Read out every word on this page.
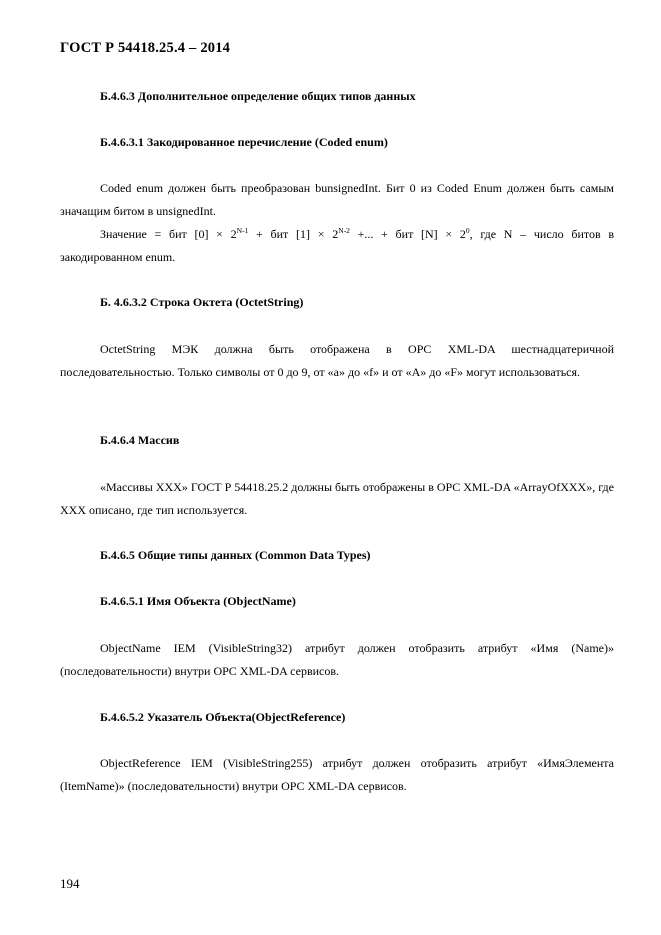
ГОСТ Р 54418.25.4 – 2014
Б.4.6.3 Дополнительное определение общих типов данных
Б.4.6.3.1 Закодированное перечисление (Coded enum)
Coded enum должен быть преобразован bunsignedInt. Бит 0 из Coded Enum должен быть самым значащим битом в unsignedInt.
Значение = бит $[0] \times 2^{N-1}$ + бит $[1] \times 2^{N-2}$ +... + бит $[N] \times 2^0$, где N – число битов в
закодированном enum.
Б. 4.6.3.2 Строка Октета (OctetString)
OctetString МЭК должна быть отображена в OPC XML-DA шестнадцатеричной последовательностью. Только символы от 0 до 9, от «a» до «f» и от «A» до «F» могут использоваться.
Б.4.6.4 Массив
«Массивы XXX» ГОСТ Р 54418.25.2 должны быть отображены в OPC XML-DA «ArrayOfXXX», где XXX описано, где тип используется.
Б.4.6.5 Общие типы данных (Common Data Types)
Б.4.6.5.1 Имя Объекта (ObjectName)
ObjectName IEM (VisibleString32) атрибут должен отобразить атрибут «Имя (Name)» (последовательности) внутри OPC XML-DA сервисов.
Б.4.6.5.2 Указатель Объекта(ObjectReference)
ObjectReference IEM (VisibleString255) атрибут должен отобразить атрибут «ИмяЭлемента (ItemName)» (последовательности) внутри OPC XML-DA сервисов.
194
